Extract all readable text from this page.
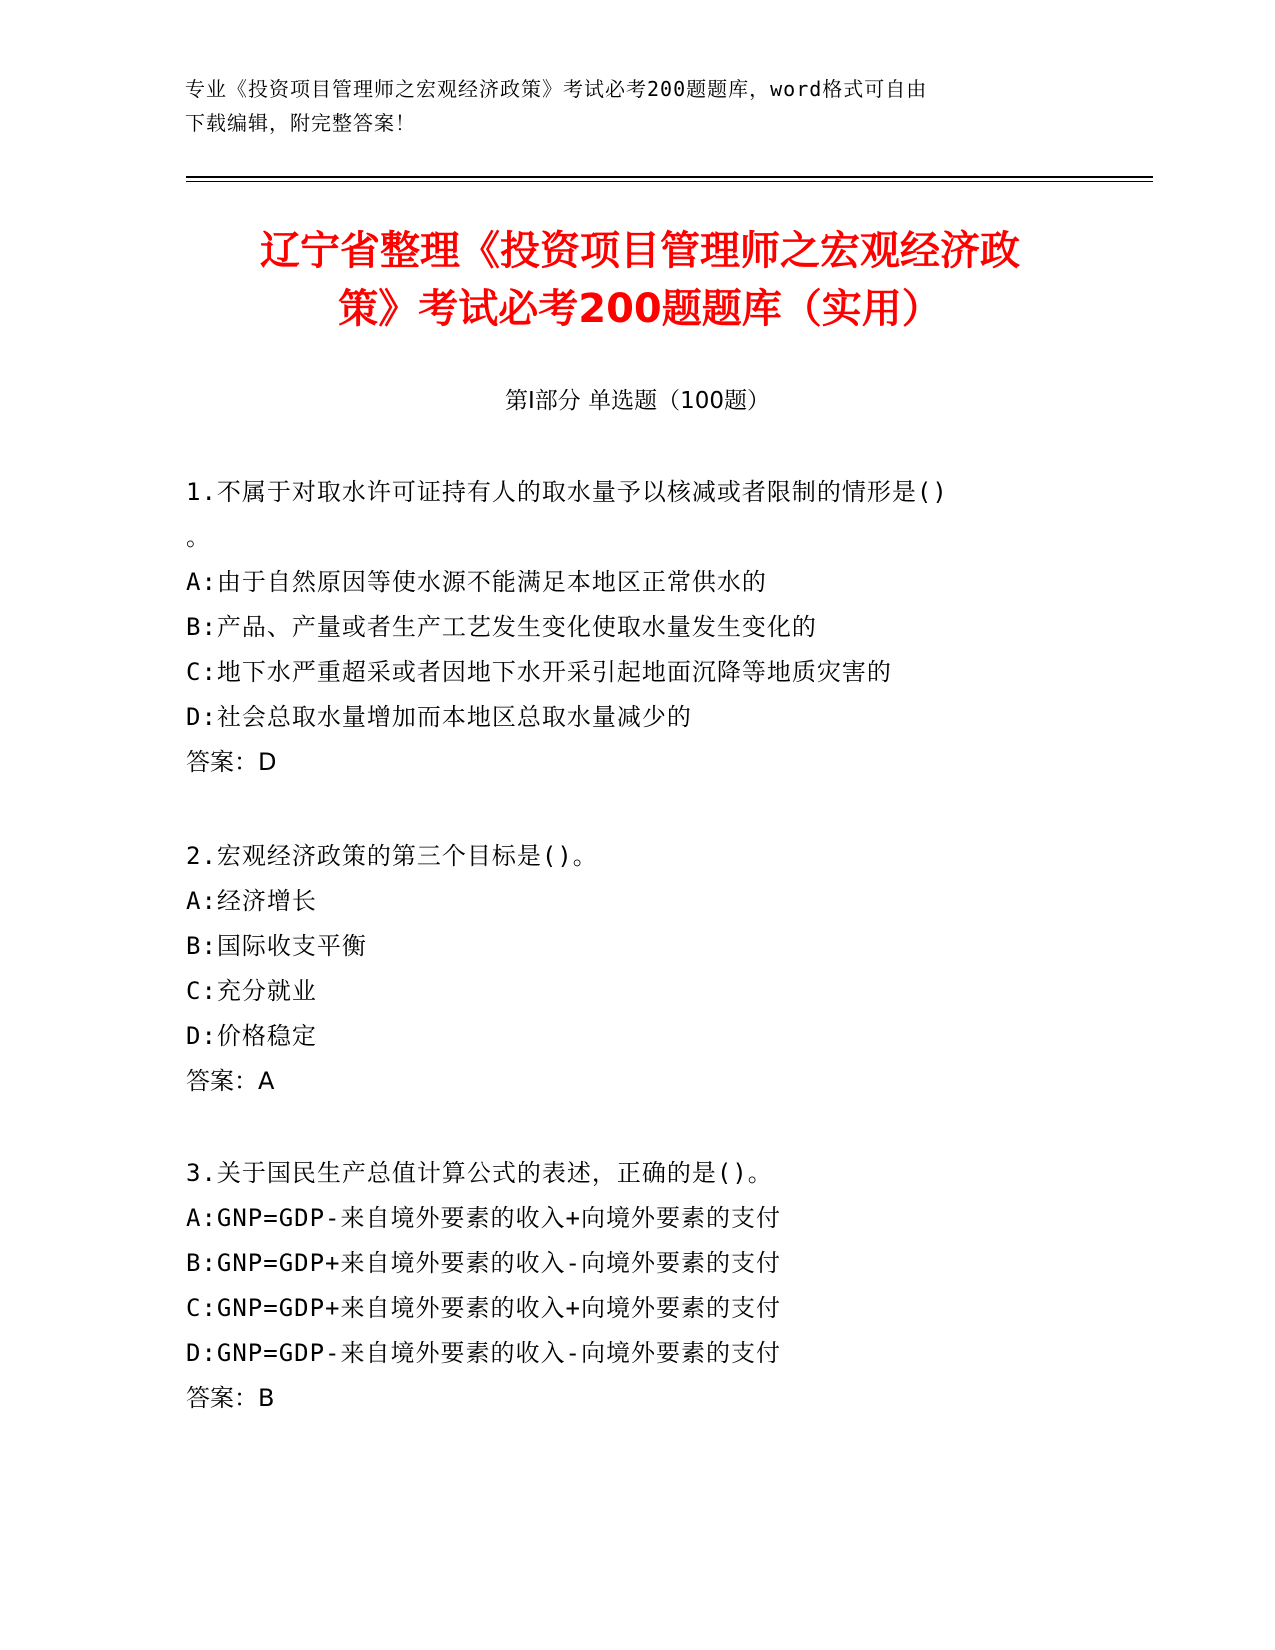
专业《投资项目管理师之宏观经济政策》考试必考200题题库，word格式可自由
下载编辑，附完整答案！
辽宁省整理《投资项目管理师之宏观经济政
策》考试必考200题题库（实用）
第Ⅰ部分 单选题（100题）
1.不属于对取水许可证持有人的取水量予以核减或者限制的情形是()
。
A:由于自然原因等使水源不能满足本地区正常供水的
B:产品、产量或者生产工艺发生变化使取水量发生变化的
C:地下水严重超采或者因地下水开采引起地面沉降等地质灾害的
D:社会总取水量增加而本地区总取水量减少的
答案：D
2.宏观经济政策的第三个目标是()。
A:经济增长
B:国际收支平衡
C:充分就业
D:价格稳定
答案：A
3.关于国民生产总值计算公式的表述，正确的是()。
A:GNP=GDP-来自境外要素的收入+向境外要素的支付
B:GNP=GDP+来自境外要素的收入-向境外要素的支付
C:GNP=GDP+来自境外要素的收入+向境外要素的支付
D:GNP=GDP-来自境外要素的收入-向境外要素的支付
答案：B
